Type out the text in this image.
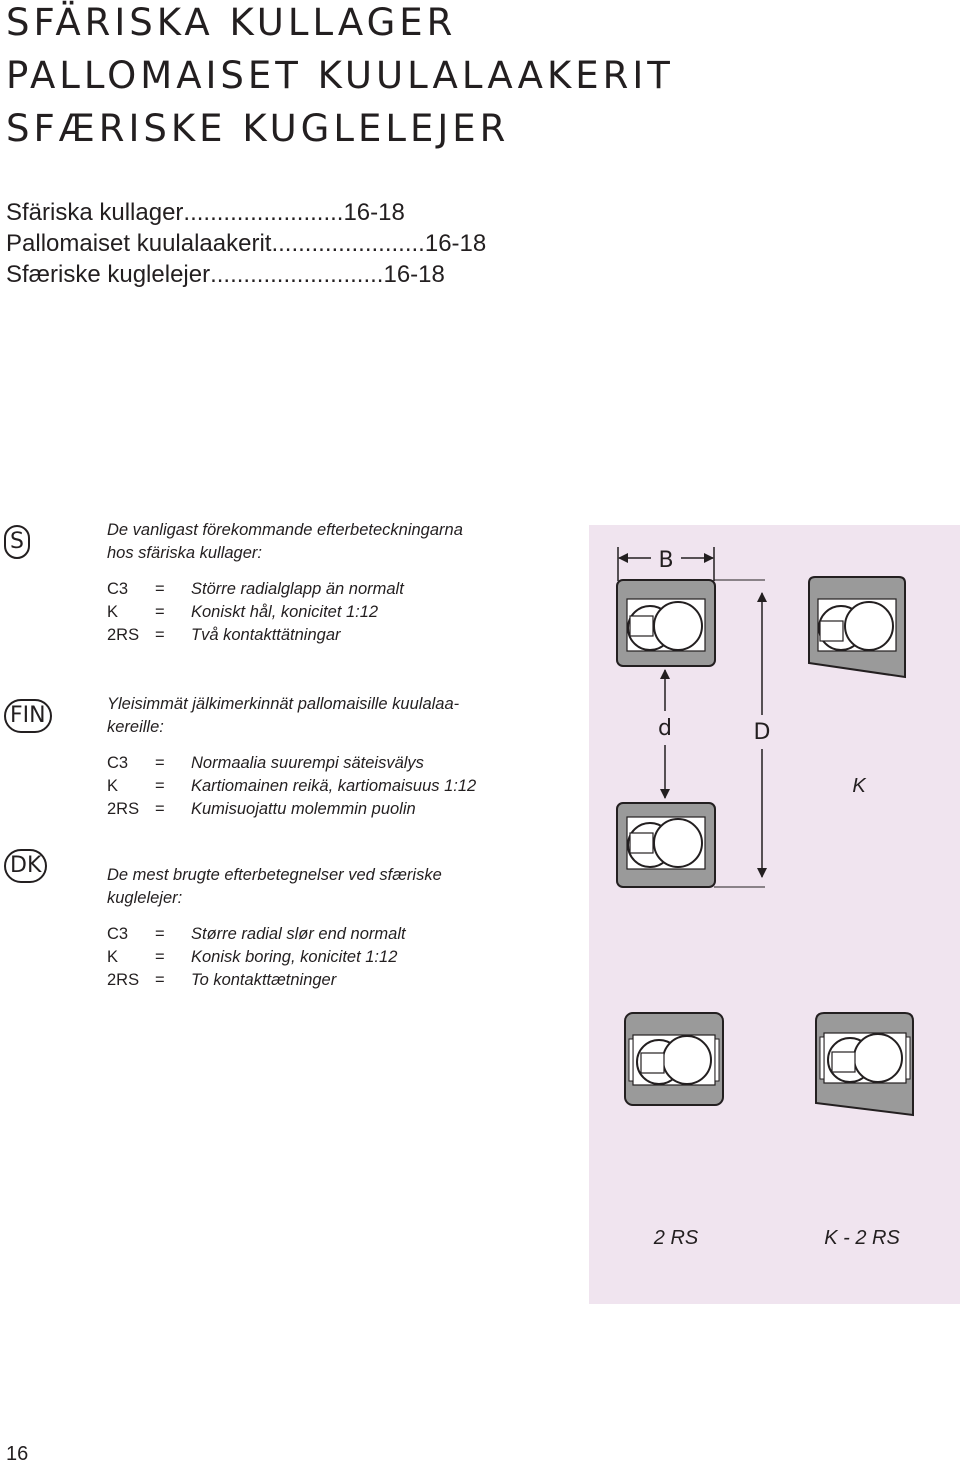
SFÄRISKA KULLAGER
PALLOMAISET KUULALAAKERIT
SFÆRISKE KUGLELEJER
Sfäriska kullager........................16-18
Pallomaiset kuulalaakerit.......................16-18
Sfæriske kuglelejer..........................16-18
S	De vanligast förekommande efterbeteckningarna
hos sfäriska kullager:

C3	=	Större radialglapp än normalt
K	=	Koniskt hål, konicitet 1:12
2RS =	Två kontakttätningar
FIN	Yleisimmät jälkimerkinnät pallomaisille kuulalaa-
kereille:

C3	=	Normaalia suurempi säteisvälys
K	=	Kartiomainen reikä, kartiomaisuus 1:12
2RS =	Kumisuojattu molemmin puolin
DK	De mest brugte efterbetegnelser ved sfæriske
kuglelejer:

C3	=	Større radial slør end normalt
K	=	Konisk boring, konicitet 1:12
2RS =	To kontakttætninger
B
d	D
K
2 RS	K - 2 RS
16
